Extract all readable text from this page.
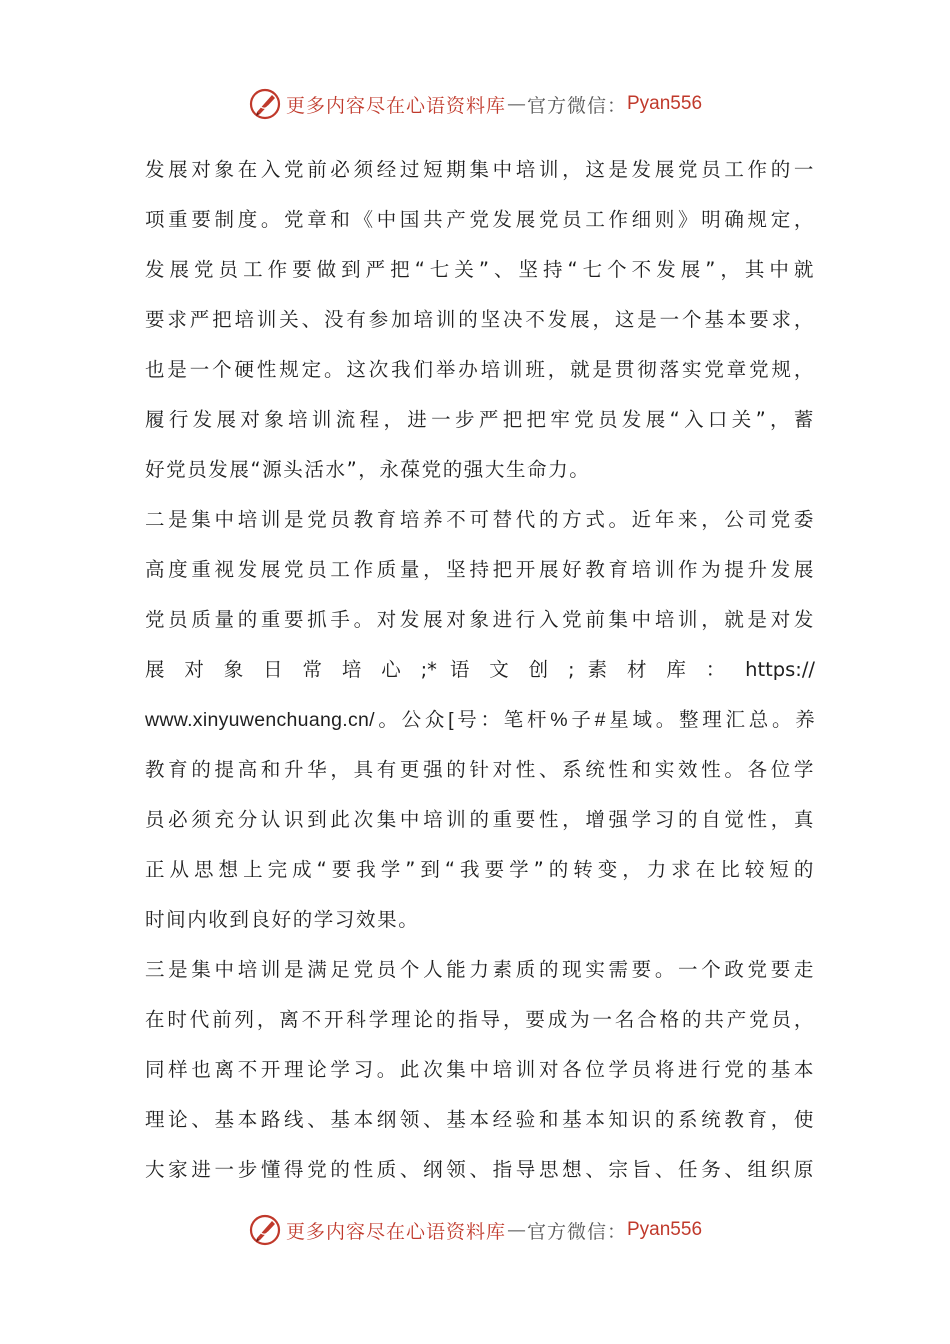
更多内容尽在心语资料库 — 官方微信： Pyan556
发展对象在入党前必须经过短期集中培训，这是发展党员工作的一
项重要制度。党章和《中国共产党发展党员工作细则》明确规定，
发展党员工作要做到严把“七关”、坚持“七个不发展”，其中就
要求严把培训关、没有参加培训的坚决不发展，这是一个基本要求，
也是一个硬性规定。这次我们举办培训班，就是贯彻落实党章党规，
履行发展对象培训流程，进一步严把把牢党员发展“入口关”，蓄
好党员发展“源头活水”，永葆党的强大生命力。
二是集中培训是党员教育培养不可替代的方式。近年来，公司党委
高度重视发展党员工作质量，坚持把开展好教育培训作为提升发展
党员质量的重要抓手。对发展对象进行入党前集中培训，就是对发
展 对 象 日 常 培 心 ;* 语 文 创 ; 素 材 库 ： https://
www.xinyuwenchuang.cn/。公众[号：笔杆%子#星域。整理汇总。养
教育的提高和升华，具有更强的针对性、系统性和实效性。各位学
员必须充分认识到此次集中培训的重要性，增强学习的自觉性，真
正从思想上完成“要我学”到“我要学”的转变，力求在比较短的
时间内收到良好的学习效果。
三是集中培训是满足党员个人能力素质的现实需要。一个政党要走
在时代前列，离不开科学理论的指导，要成为一名合格的共产党员，
同样也离不开理论学习。此次集中培训对各位学员将进行党的基本
理论、基本路线、基本纲领、基本经验和基本知识的系统教育，使
大家进一步懂得党的性质、纲领、指导思想、宗旨、任务、组织原
更多内容尽在心语资料库 — 官方微信： Pyan556
